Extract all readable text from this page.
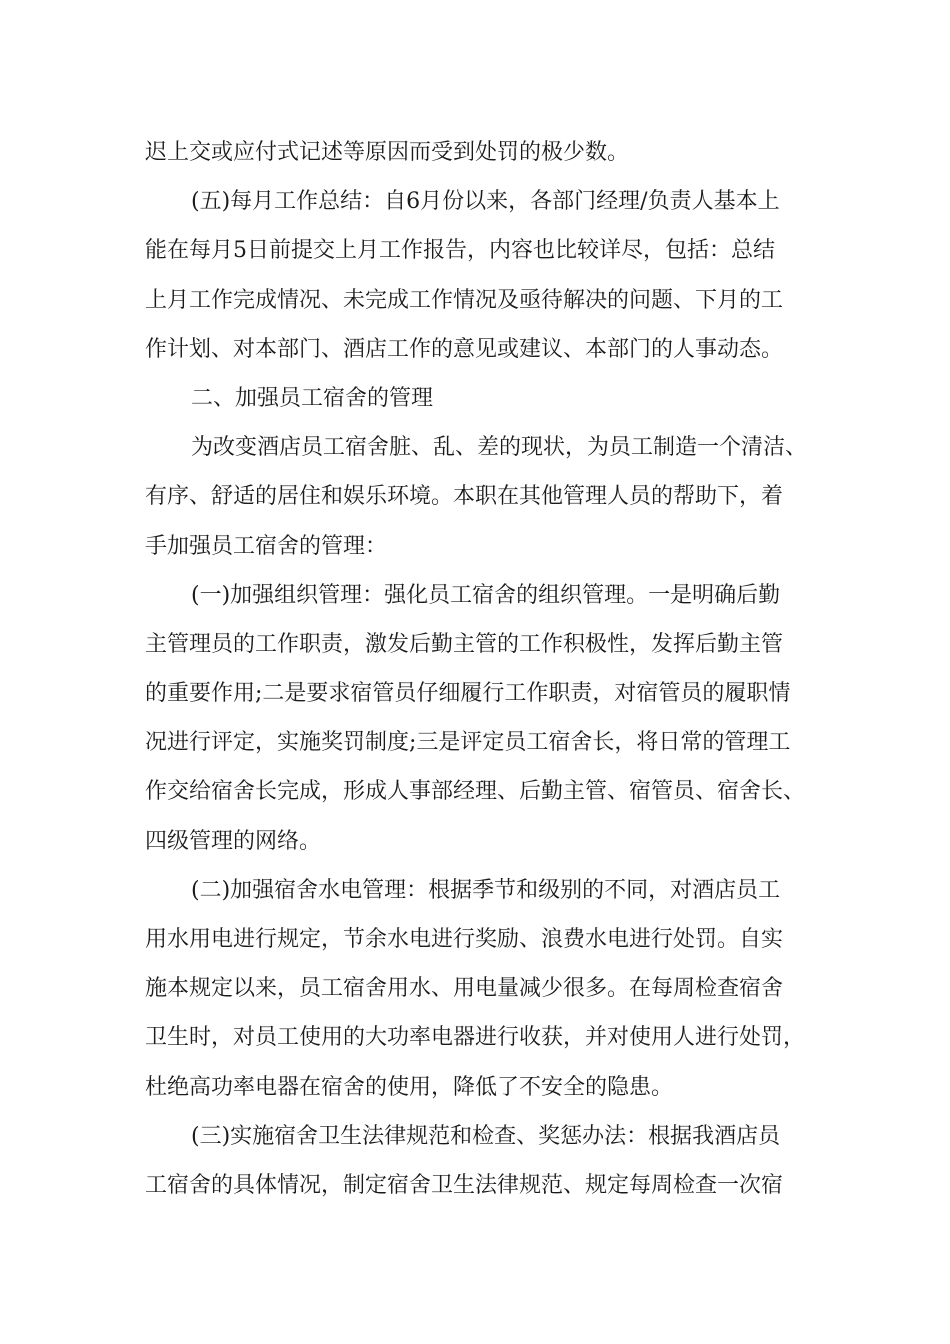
迟上交或应付式记述等原因而受到处罚的极少数。
(五)每月工作总结：自6月份以来，各部门经理/负责人基本上
能在每月5日前提交上月工作报告，内容也比较详尽，包括：总结
上月工作完成情况、未完成工作情况及亟待解决的问题、下月的工
作计划、对本部门、酒店工作的意见或建议、本部门的人事动态。
二、加强员工宿舍的管理
为改变酒店员工宿舍脏、乱、差的现状，为员工制造一个清洁、
有序、舒适的居住和娱乐环境。本职在其他管理人员的帮助下，着
手加强员工宿舍的管理：
(一)加强组织管理：强化员工宿舍的组织管理。一是明确后勤
主管理员的工作职责，激发后勤主管的工作积极性，发挥后勤主管
的重要作用;二是要求宿管员仔细履行工作职责，对宿管员的履职情
况进行评定，实施奖罚制度;三是评定员工宿舍长，将日常的管理工
作交给宿舍长完成，形成人事部经理、后勤主管、宿管员、宿舍长、
四级管理的网络。
(二)加强宿舍水电管理：根据季节和级别的不同，对酒店员工
用水用电进行规定，节余水电进行奖励、浪费水电进行处罚。自实
施本规定以来，员工宿舍用水、用电量减少很多。在每周检查宿舍
卫生时，对员工使用的大功率电器进行收获，并对使用人进行处罚，
杜绝高功率电器在宿舍的使用，降低了不安全的隐患。
(三)实施宿舍卫生法律规范和检查、奖惩办法：根据我酒店员
工宿舍的具体情况，制定宿舍卫生法律规范、规定每周检查一次宿
